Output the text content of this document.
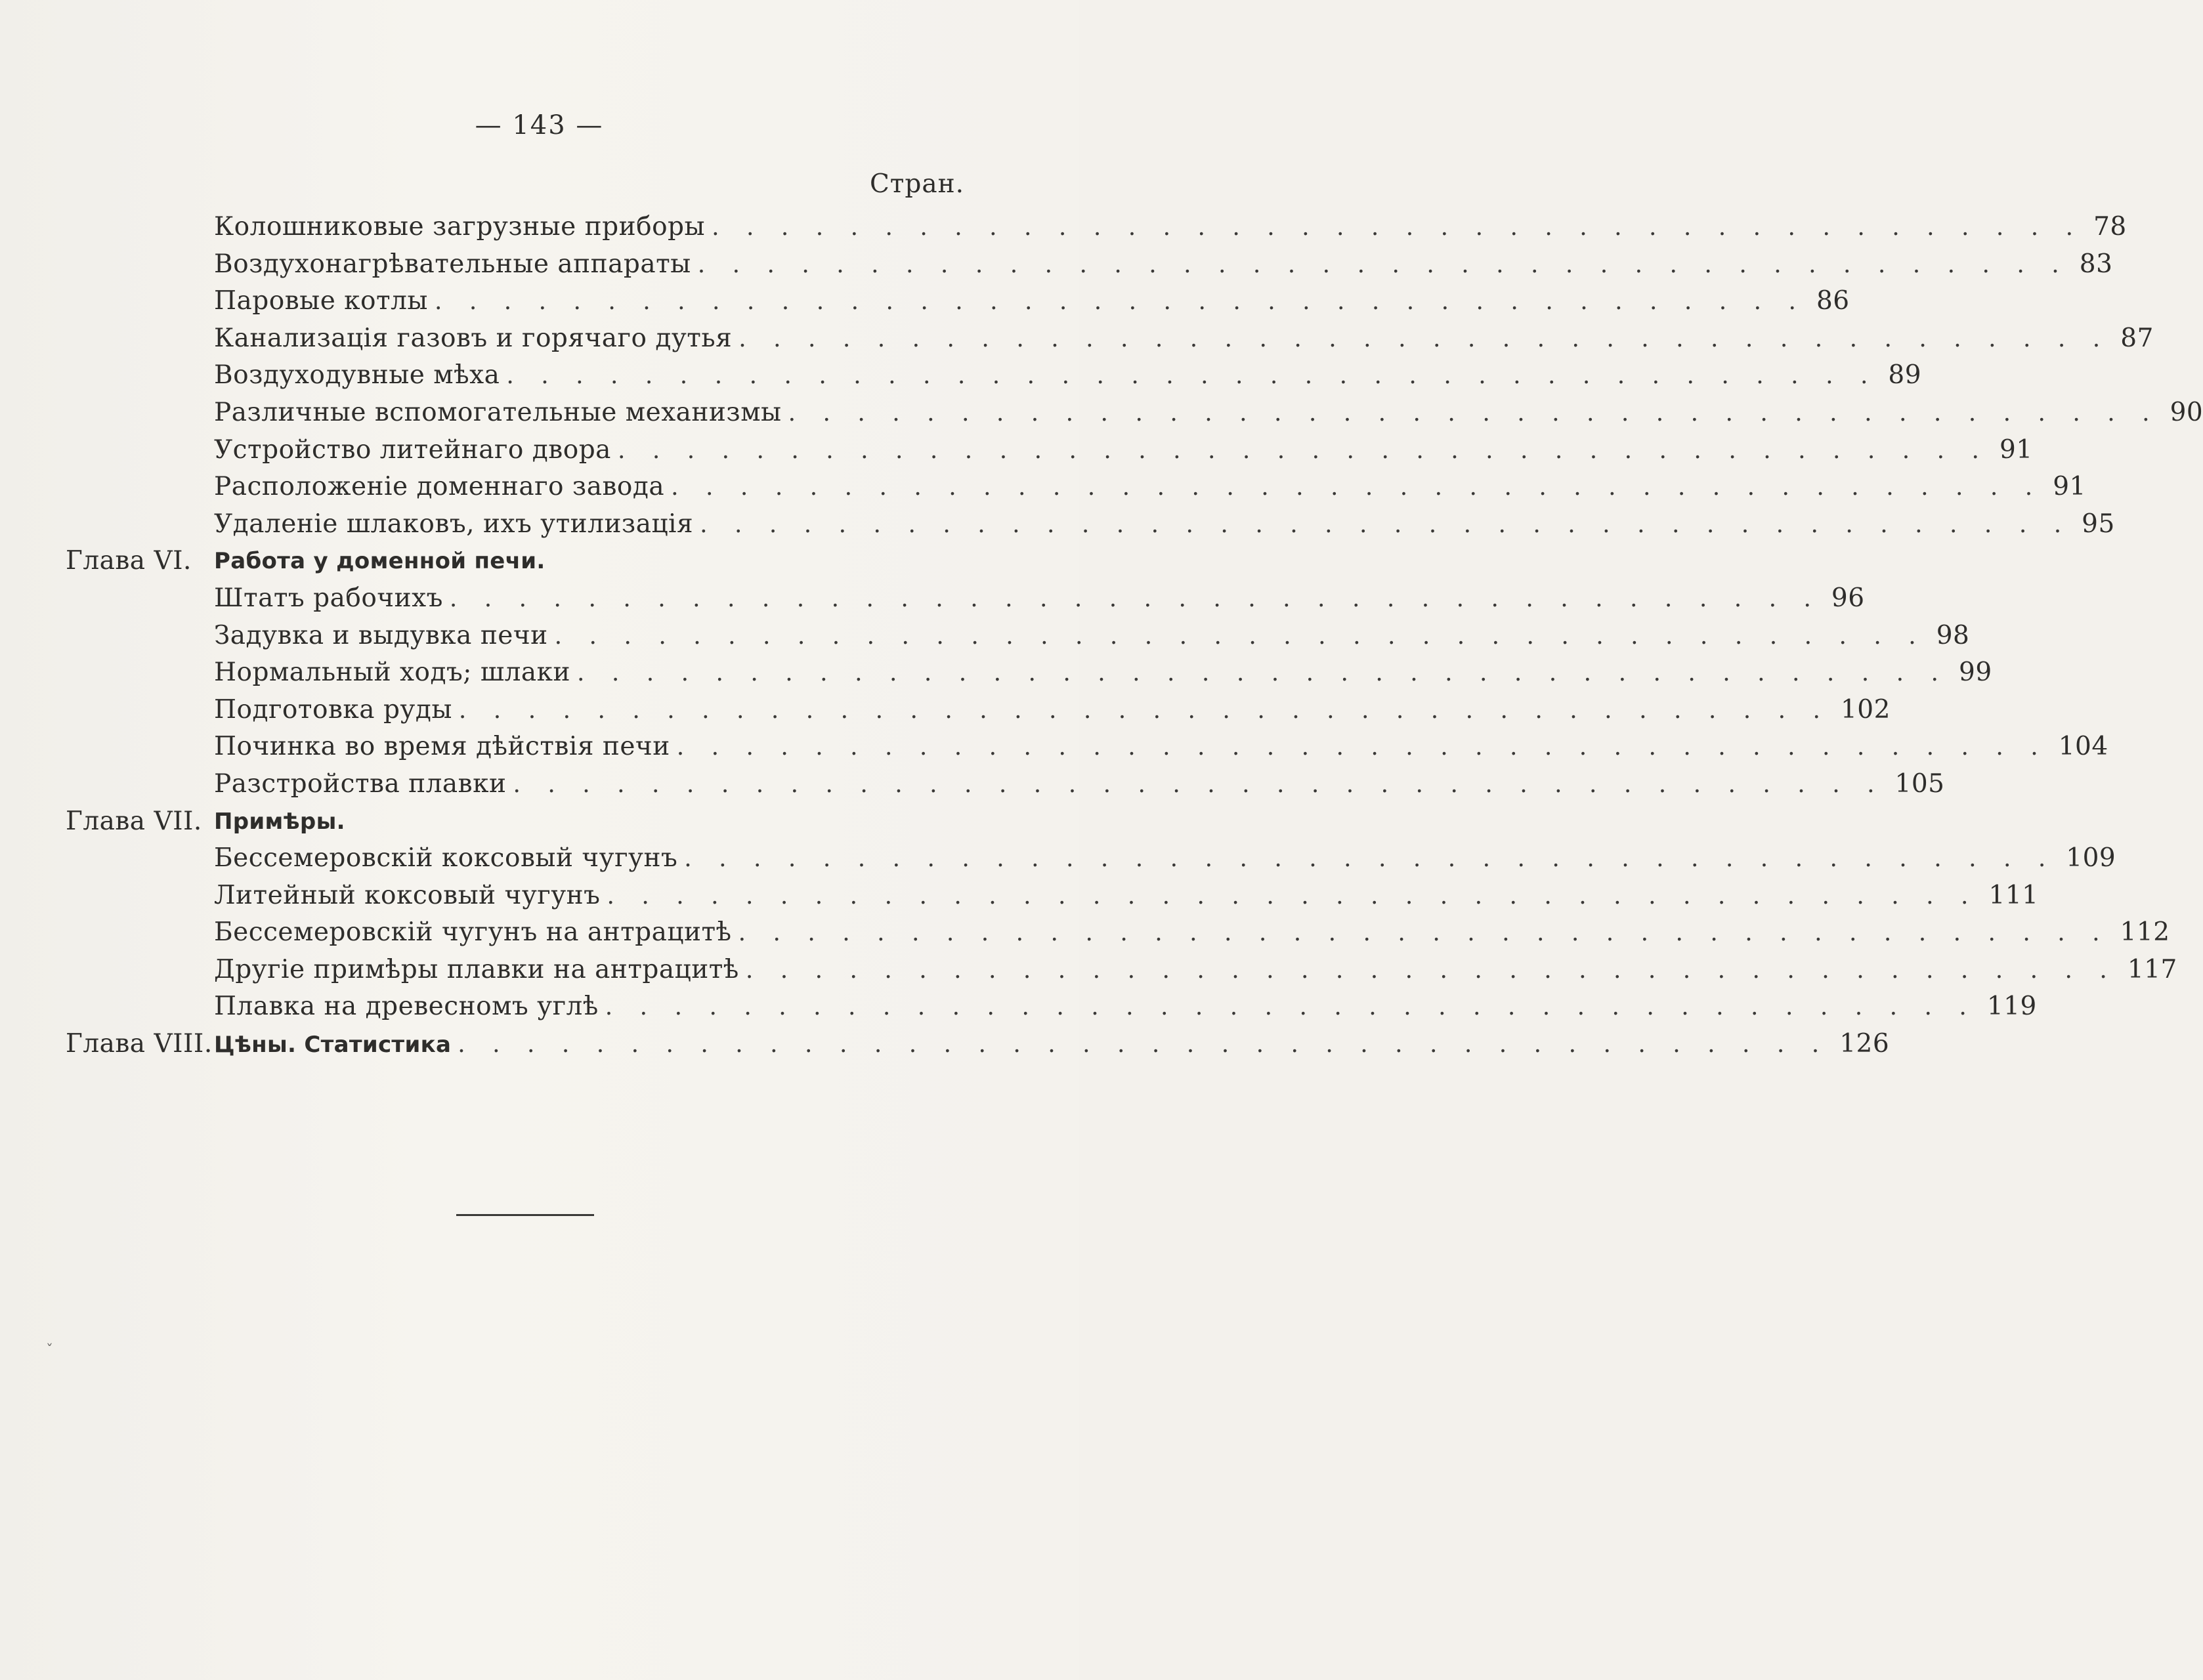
— 143 —
Стран.
Колошниковые загрузные приборы . . . . . . . . . . . . . . . . . . . . . . . . . . . . . . . . . . . . . . . . 78
Воздухонагрѣвательные аппараты . . . . . . . . . . . . . . . . . . . . . . . . . . . . . . . . . . . . . . . . 83
Паровые котлы . . . . . . . . . . . . . . . . . . . . . . . . . . . . . . . . . . . . . . . . 86
Канализація газовъ и горячаго дутья . . . . . . . . . . . . . . . . . . . . . . . . . . . . . . . . . . . . . . . . 87
Воздуходувные мѣха . . . . . . . . . . . . . . . . . . . . . . . . . . . . . . . . . . . . . . . . 89
Различные вспомогательные механизмы . . . . . . . . . . . . . . . . . . . . . . . . . . . . . . . . . . . . . . . . 90
Устройство литейнаго двора . . . . . . . . . . . . . . . . . . . . . . . . . . . . . . . . . . . . . . . . 91
Расположеніе доменнаго завода . . . . . . . . . . . . . . . . . . . . . . . . . . . . . . . . . . . . . . . . 91
Удаленіе шлаковъ, ихъ утилизація . . . . . . . . . . . . . . . . . . . . . . . . . . . . . . . . . . . . . . . . 95
Глава VI. Работа у доменной печи.
Штатъ рабочихъ . . . . . . . . . . . . . . . . . . . . . . . . . . . . . . . . . . . . . . . . 96
Задувка и выдувка печи . . . . . . . . . . . . . . . . . . . . . . . . . . . . . . . . . . . . . . . . 98
Нормальный ходъ; шлаки . . . . . . . . . . . . . . . . . . . . . . . . . . . . . . . . . . . . . . . . 99
Подготовка руды . . . . . . . . . . . . . . . . . . . . . . . . . . . . . . . . . . . . . . . . 102
Починка во время дѣйствія печи . . . . . . . . . . . . . . . . . . . . . . . . . . . . . . . . . . . . . . . . 104
Разстройства плавки . . . . . . . . . . . . . . . . . . . . . . . . . . . . . . . . . . . . . . . . 105
Глава VII. Примѣры.
Бессемеровскій коксовый чугунъ . . . . . . . . . . . . . . . . . . . . . . . . . . . . . . . . . . . . . . . . 109
Литейный коксовый чугунъ . . . . . . . . . . . . . . . . . . . . . . . . . . . . . . . . . . . . . . . . 111
Бессемеровскій чугунъ на антрацитѣ . . . . . . . . . . . . . . . . . . . . . . . . . . . . . . . . . . . . . . . . 112
Другіе примѣры плавки на антрацитѣ . . . . . . . . . . . . . . . . . . . . . . . . . . . . . . . . . . . . . . . . 117
Плавка на древесномъ углѣ . . . . . . . . . . . . . . . . . . . . . . . . . . . . . . . . . . . . . . . . 119
Глава VIII. Цѣны. Статистика . . . . . . . . . . . . . . . . . . . . . . . . . . . . . . . . . . . . . . . . 126
ˇ
